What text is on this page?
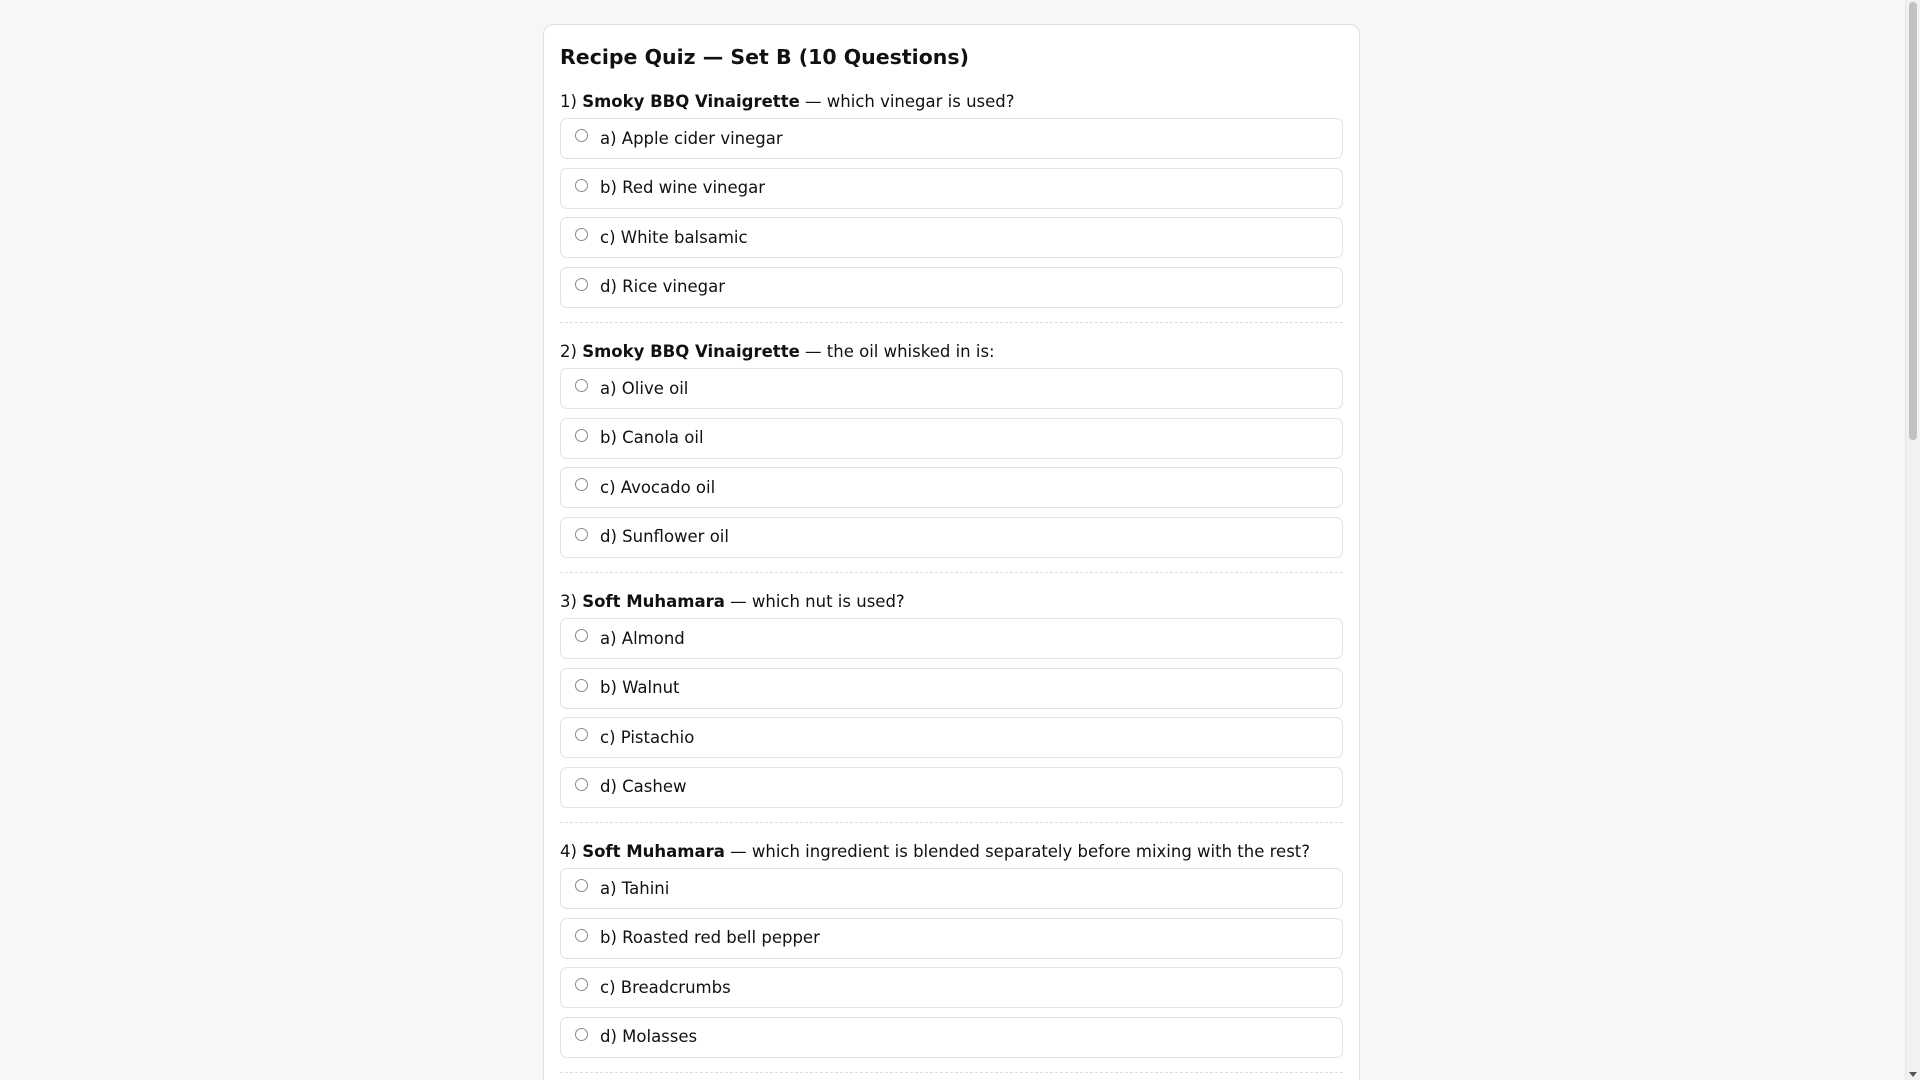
Recipe Quiz — Set B (10 Questions)

1) Smoky BBQ Vinaigrette — which vinegar is used?

a) Apple cider vinegar
b) Red wine vinegar
c) White balsamic
d) Rice vinegar

2) Smoky BBQ Vinaigrette — the oil whisked in is:

a) Olive oil
b) Canola oil
c) Avocado oil
d) Sunflower oil

3) Soft Muhamara — which nut is used?

a) Almond
b) Walnut
c) Pistachio
d) Cashew

4) Soft Muhamara — which ingredient is blended separately before mixing with the rest?

a) Tahini
b) Roasted red bell pepper
c) Breadcrumbs
d) Molasses
